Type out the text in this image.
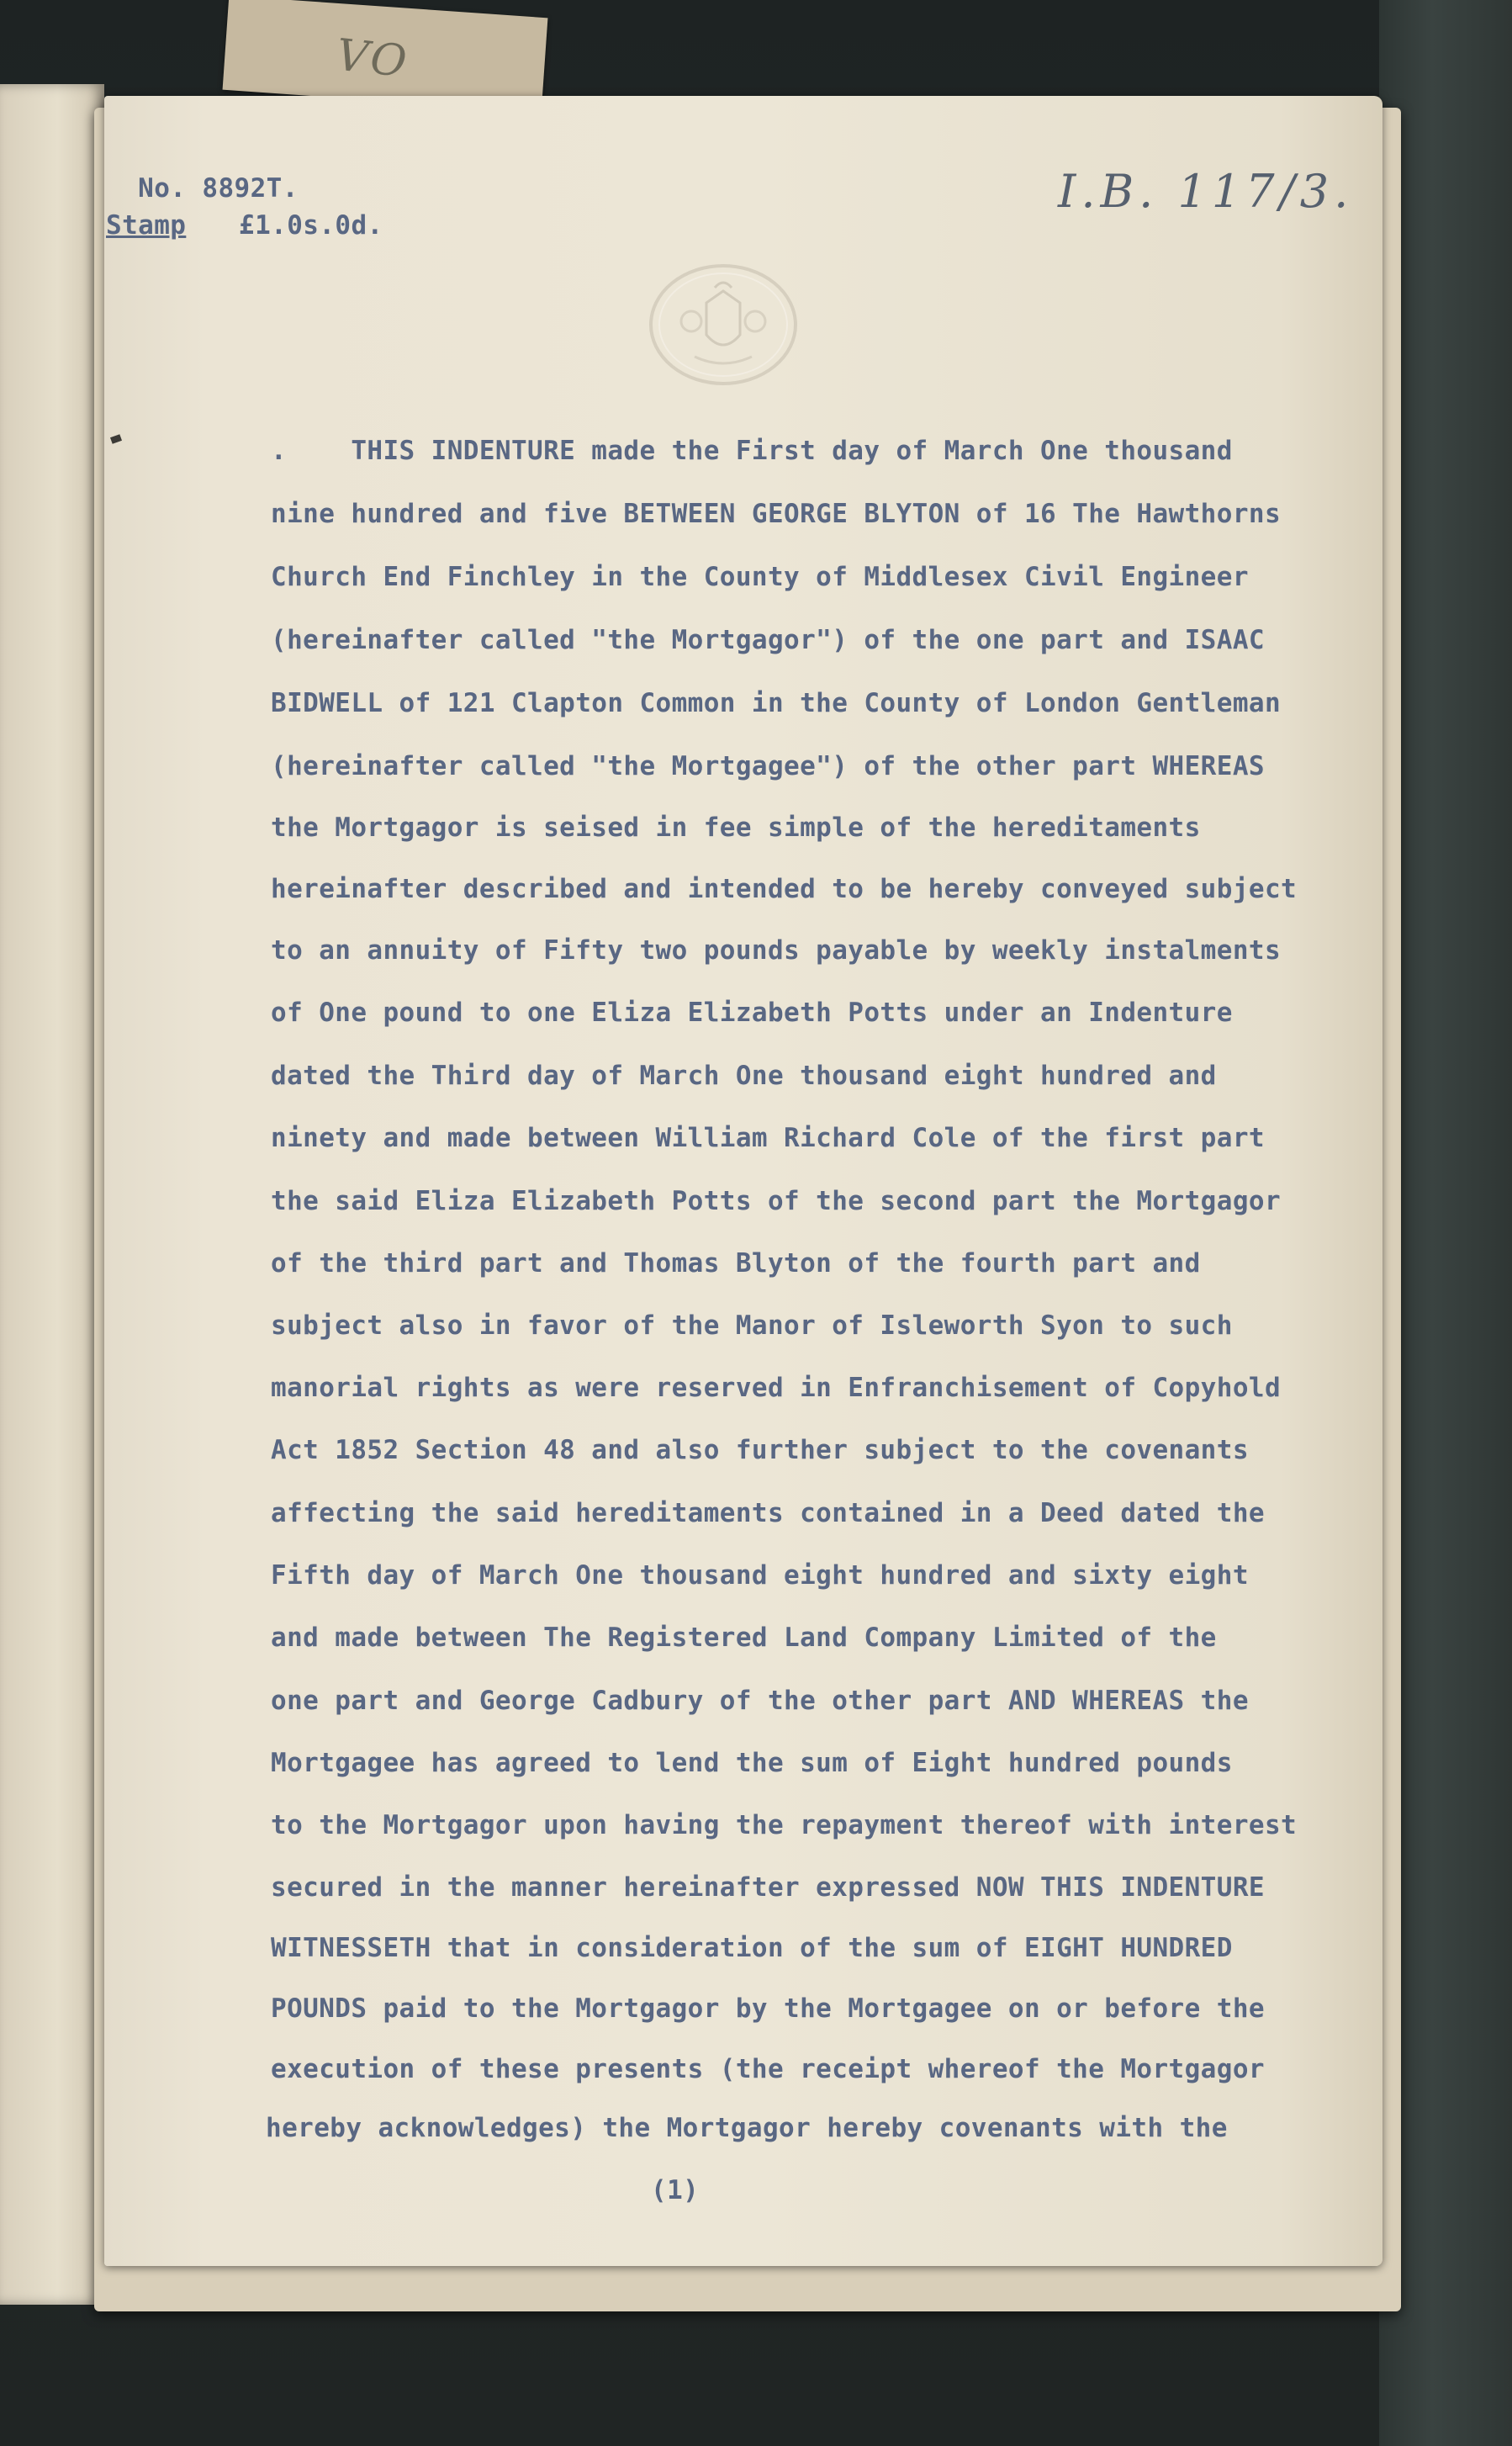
VO

No. 8892T.

Stamp £1.0s.0d.
I.B. 117/3.
.    THIS INDENTURE made the First day of March One thousand
nine hundred and five BETWEEN GEORGE BLYTON of 16 The Hawthorns
Church End Finchley in the County of Middlesex Civil Engineer
(hereinafter called "the Mortgagor") of the one part and ISAAC
BIDWELL of 121 Clapton Common in the County of London Gentleman
(hereinafter called "the Mortgagee") of the other part WHEREAS
the Mortgagor is seised in fee simple of the hereditaments
hereinafter described and intended to be hereby conveyed subject
to an annuity of Fifty two pounds payable by weekly instalments
of One pound to one Eliza Elizabeth Potts under an Indenture
dated the Third day of March One thousand eight hundred and
ninety and made between William Richard Cole of the first part
the said Eliza Elizabeth Potts of the second part the Mortgagor
of the third part and Thomas Blyton of the fourth part and
subject also in favor of the Manor of Isleworth Syon to such
manorial rights as were reserved in Enfranchisement of Copyhold
Act 1852 Section 48 and also further subject to the covenants
affecting the said hereditaments contained in a Deed dated the
Fifth day of March One thousand eight hundred and sixty eight
and made between The Registered Land Company Limited of the
one part and George Cadbury of the other part AND WHEREAS the
Mortgagee has agreed to lend the sum of Eight hundred pounds
to the Mortgagor upon having the repayment thereof with interest
secured in the manner hereinafter expressed NOW THIS INDENTURE
WITNESSETH that in consideration of the sum of EIGHT HUNDRED
POUNDS paid to the Mortgagor by the Mortgagee on or before the
execution of these presents (the receipt whereof the Mortgagor
hereby acknowledges) the Mortgagor hereby covenants with the
(1)
